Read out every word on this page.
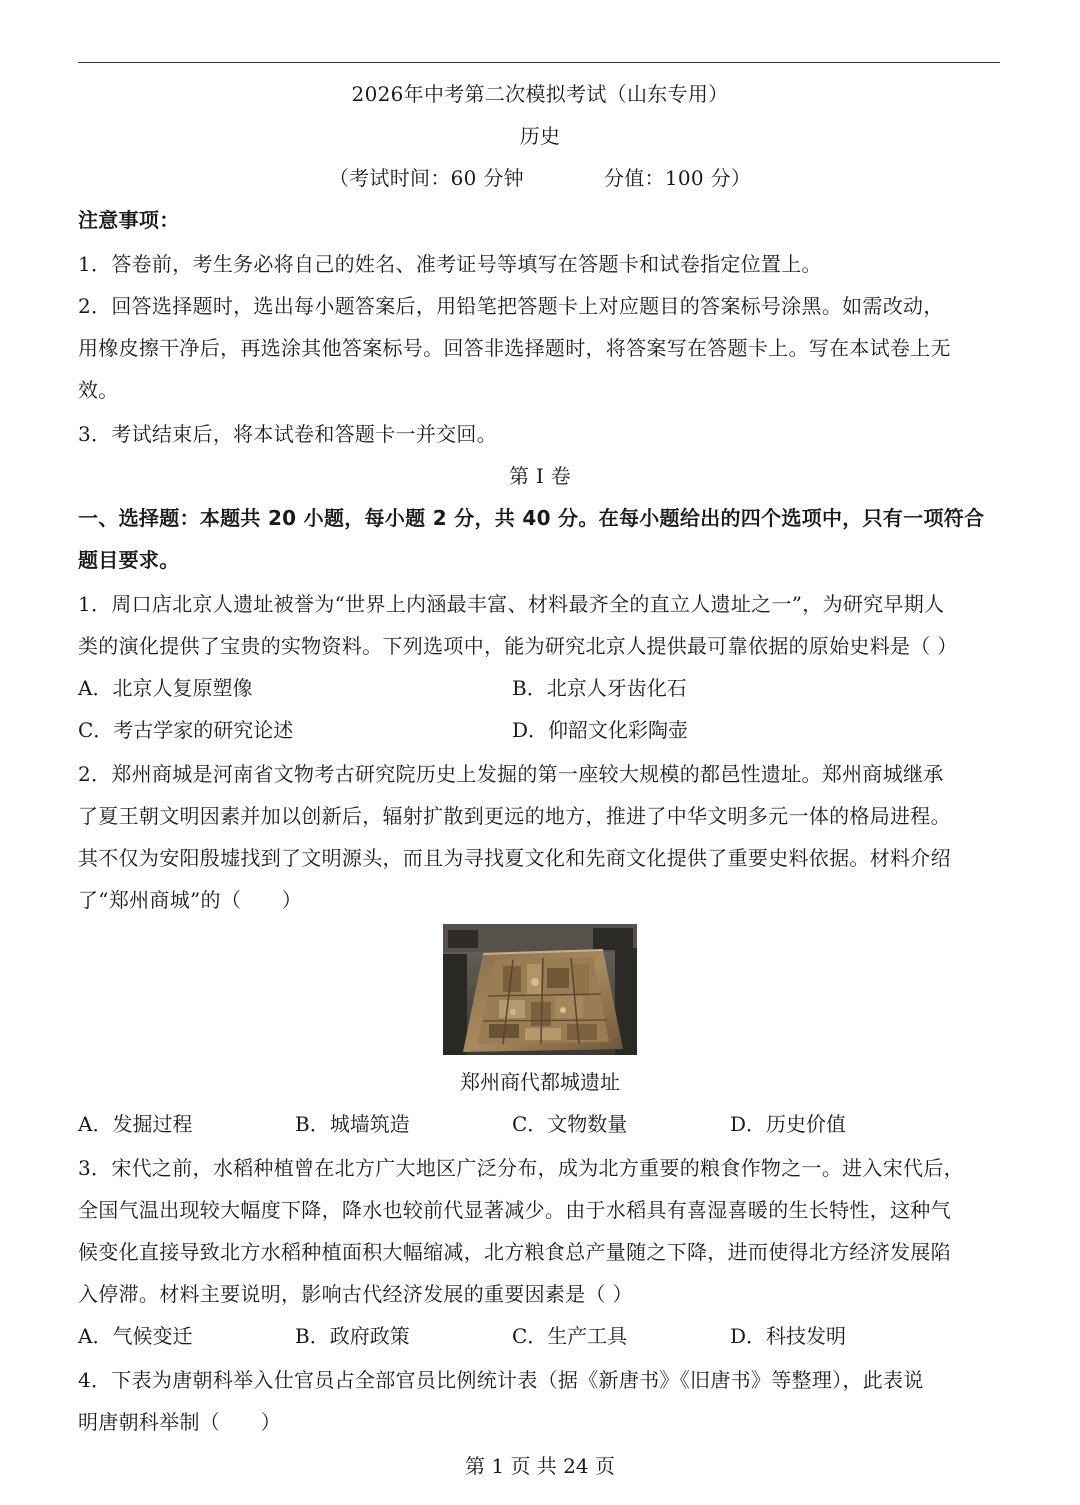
2026年中考第二次模拟考试（山东专用）
历史
（考试时间：60 分钟	分值：100 分）
注意事项：
1．答卷前，考生务必将自己的姓名、准考证号等填写在答题卡和试卷指定位置上。
2．回答选择题时，选出每小题答案后，用铅笔把答题卡上对应题目的答案标号涂黑。如需改动，
用橡皮擦干净后，再选涂其他答案标号。回答非选择题时，将答案写在答题卡上。写在本试卷上无
效。
3．考试结束后，将本试卷和答题卡一并交回。
第 I 卷
一、选择题：本题共 20 小题，每小题 2 分，共 40 分。在每小题给出的四个选项中，只有一项符合
题目要求。
1．周口店北京人遗址被誉为“世界上内涵最丰富、材料最齐全的直立人遗址之一”，为研究早期人
类的演化提供了宝贵的实物资料。下列选项中，能为研究北京人提供最可靠依据的原始史料是（ ）
A．北京人复原塑像	B．北京人牙齿化石
C．考古学家的研究论述	D．仰韶文化彩陶壶
2．郑州商城是河南省文物考古研究院历史上发掘的第一座较大规模的都邑性遗址。郑州商城继承
了夏王朝文明因素并加以创新后，辐射扩散到更远的地方，推进了中华文明多元一体的格局进程。
其不仅为安阳殷墟找到了文明源头，而且为寻找夏文化和先商文化提供了重要史料依据。材料介绍
了“郑州商城”的（　　）
郑州商代都城遗址
A．发掘过程	B．城墙筑造	C．文物数量	D．历史价值
3．宋代之前，水稻种植曾在北方广大地区广泛分布，成为北方重要的粮食作物之一。进入宋代后，
全国气温出现较大幅度下降，降水也较前代显著减少。由于水稻具有喜湿喜暖的生长特性，这种气
候变化直接导致北方水稻种植面积大幅缩减，北方粮食总产量随之下降，进而使得北方经济发展陷
入停滞。材料主要说明，影响古代经济发展的重要因素是（ ）
A．气候变迁	B．政府政策	C．生产工具	D．科技发明
4．下表为唐朝科举入仕官员占全部官员比例统计表（据《新唐书》《旧唐书》等整理），此表说
明唐朝科举制（　　）
第 1 页 共 24 页
